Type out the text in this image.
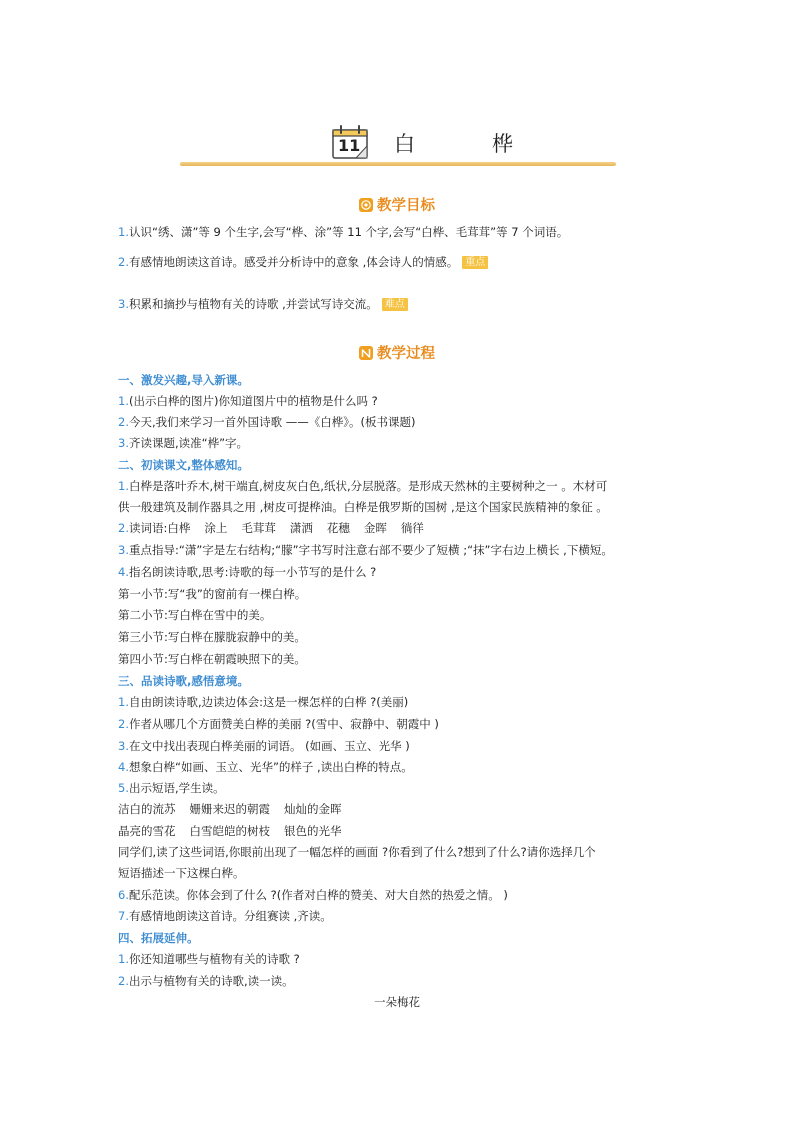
11 白　桦
教学目标
1.认识“绣、潇”等 9 个生字,会写“桦、涂”等 11 个字,会写“白桦、毛茸茸”等 7 个词语。
2.有感情地朗读这首诗。感受并分析诗中的意象 ,体会诗人的情感。 重点
3.积累和摘抄与植物有关的诗歌 ,并尝试写诗交流。 难点
教学过程
一、激发兴趣,导入新课。
1.(出示白桦的图片)你知道图片中的植物是什么吗 ?
2.今天,我们来学习一首外国诗歌 ——《白桦》。(板书课题)
3.齐读课题,读准“桦”字。
二、初读课文,整体感知。
1.白桦是落叶乔木,树干端直,树皮灰白色,纸状,分层脱落。是形成天然林的主要树种之一 。木材可
供一般建筑及制作器具之用 ,树皮可提桦油。白桦是俄罗斯的国树 ,是这个国家民族精神的象征 。
2.读词语:白桦 涂上 毛茸茸 潇洒 花穗 金晖 徜徉
3.重点指导:“潇”字是左右结构;“朦”字书写时注意右部不要少了短横 ;“抹”字右边上横长 ,下横短。
4.指名朗读诗歌,思考:诗歌的每一小节写的是什么 ?
第一小节:写“我”的窗前有一棵白桦。
第二小节:写白桦在雪中的美。
第三小节:写白桦在朦胧寂静中的美。
第四小节:写白桦在朝霞映照下的美。
三、品读诗歌,感悟意境。
1.自由朗读诗歌,边读边体会:这是一棵怎样的白桦 ?(美丽)
2.作者从哪几个方面赞美白桦的美丽 ?(雪中、寂静中、朝霞中 )
3.在文中找出表现白桦美丽的词语。 (如画、玉立、光华 )
4.想象白桦“如画、玉立、光华”的样子 ,读出白桦的特点。
5.出示短语,学生读。
洁白的流苏 姗姗来迟的朝霞 灿灿的金晖
晶亮的雪花 白雪皑皑的树枝 银色的光华
同学们,读了这些词语,你眼前出现了一幅怎样的画面 ?你看到了什么?想到了什么?请你选择几个
短语描述一下这棵白桦。
6.配乐范读。你体会到了什么 ?(作者对白桦的赞美、对大自然的热爱之情。 )
7.有感情地朗读这首诗。分组赛读 ,齐读。
四、拓展延伸。
1.你还知道哪些与植物有关的诗歌 ?
2.出示与植物有关的诗歌,读一读。
一朵梅花
